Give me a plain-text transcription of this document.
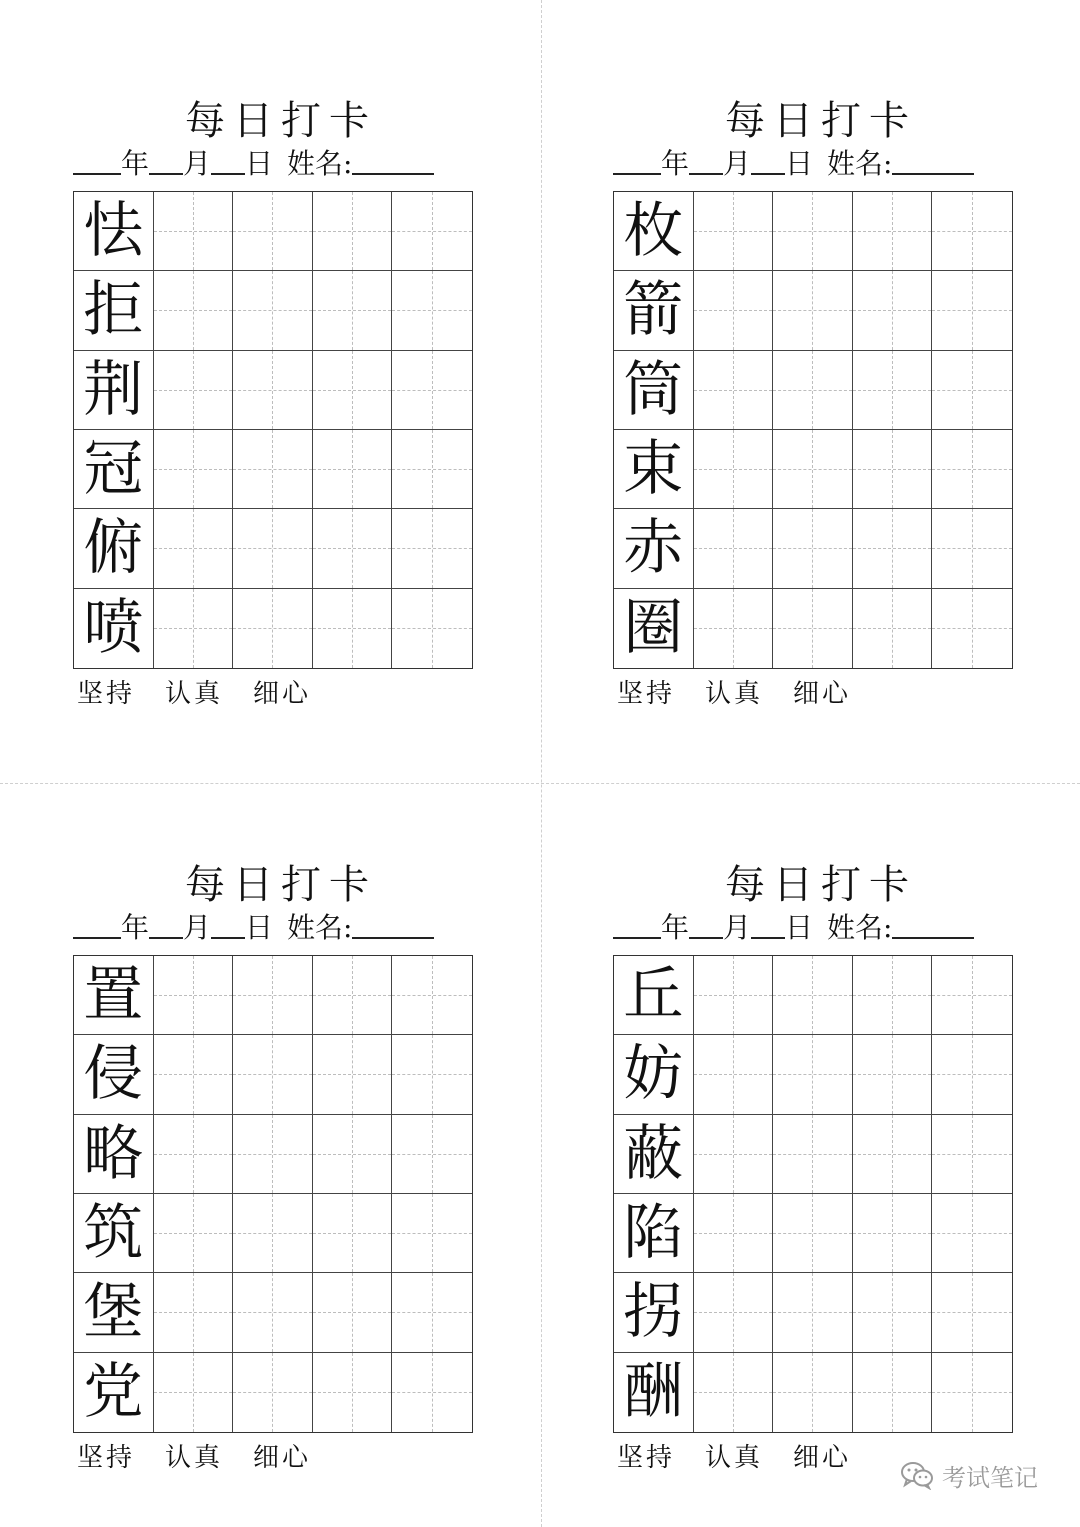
每日打卡
年 月 日 姓名:
怯
拒
荆
冠
俯
喷
坚持 认真 细心
每日打卡
年 月 日 姓名:
枚
箭
筒
束
赤
圈
坚持 认真 细心
每日打卡
年 月 日 姓名:
置
侵
略
筑
堡
党
坚持 认真 细心
每日打卡
年 月 日 姓名:
丘
妨
蔽
陷
拐
酬
坚持 认真 细心
考试笔记
